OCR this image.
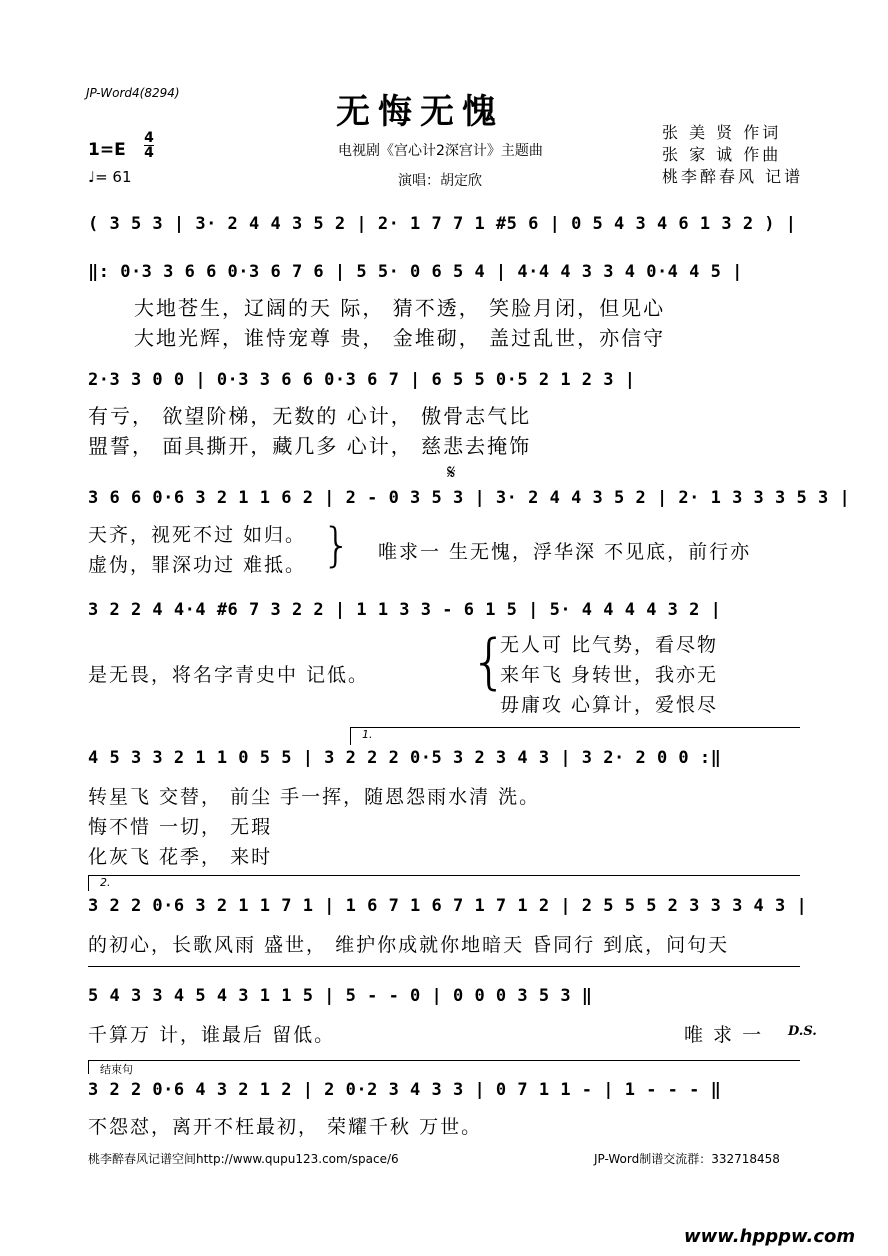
JP-Word4(8294)	无悔无愧
电视剧《宫心计2深宫计》主题曲
演唱：胡定欣
1=E
4
4
♩= 61
张 美 贤 作词
张 家 诚 作曲
桃李醉春风 记谱
( 3 5 3 | 3· 2 4 4 3 5 2 | 2· 1 7 7 1 #5 6 | 0 5 4 3 4 6 1 3 2 ) |
‖: 0·3 3 6 6 0·3 6 7 6 | 5 5· 0 6 5 4 | 4·4 4 3 3 4 0·4 4 5 |
大地苍生，辽阔的天 际， 猜不透， 笑脸月闭，但见心
大地光辉，谁恃宠尊 贵， 金堆砌， 盖过乱世，亦信守
2·3 3 0 0 | 0·3 3 6 6 0·3 6 7 | 6 5 5 0·5 2 1 2 3 |
有亏， 欲望阶梯，无数的 心计， 傲骨志气比
盟誓， 面具撕开，藏几多 心计， 慈悲去掩饰
𝄋
3 6 6 0·6 3 2 1 1 6 2 | 2 - 0 3 5 3 | 3· 2 4 4 3 5 2 | 2· 1 3 3 3 5 3 |
天齐，视死不过 如归。
虚伪，罪深功过 难抵。 } 唯求一 生无愧，浮华深 不见底，前行亦
3 2 2 4 4·4 #6 7 3 2 2 | 1 1 3 3 - 6 1 5 | 5· 4 4 4 4 3 2 |
是无畏，将名字青史中 记低。 {
无人可 比气势，看尽物
来年飞 身转世，我亦无
毋庸攻 心算计，爱恨尽
1.
4 5 3 3 2 1 1 0 5 5 | 3 2 2 2 0·5 3 2 3 4 3 | 3 2· 2 0 0 :‖
转星飞 交替， 前尘 手一挥，随恩怨雨水清 洗。
悔不惜 一切， 无瑕
化灰飞 花季， 来时
2.
3 2 2 0·6 3 2 1 1 7 1 | 1 6 7 1 6 7 1 7 1 2 | 2 5 5 5 2 3 3 3 4 3 |
的初心，长歌风雨 盛世， 维护你成就你地暗天 昏同行 到底，问句天
5 4 3 3 4 5 4 3 1 1 5 | 5 - - 0 | 0 0 0 3 5 3 ‖
千算万 计，谁最后 留低。	唯 求 一 D.S.
结束句
3 2 2 0·6 4 3 2 1 2 | 2 0·2 3 4 3 3 | 0 7 1 1 - | 1 - - - ‖
不怨怼，离开不枉最初， 荣耀千秋 万世。
桃李醉春风记谱空间http://www.qupu123.com/space/6	JP-Word制谱交流群：332718458
www.hpppw.com
